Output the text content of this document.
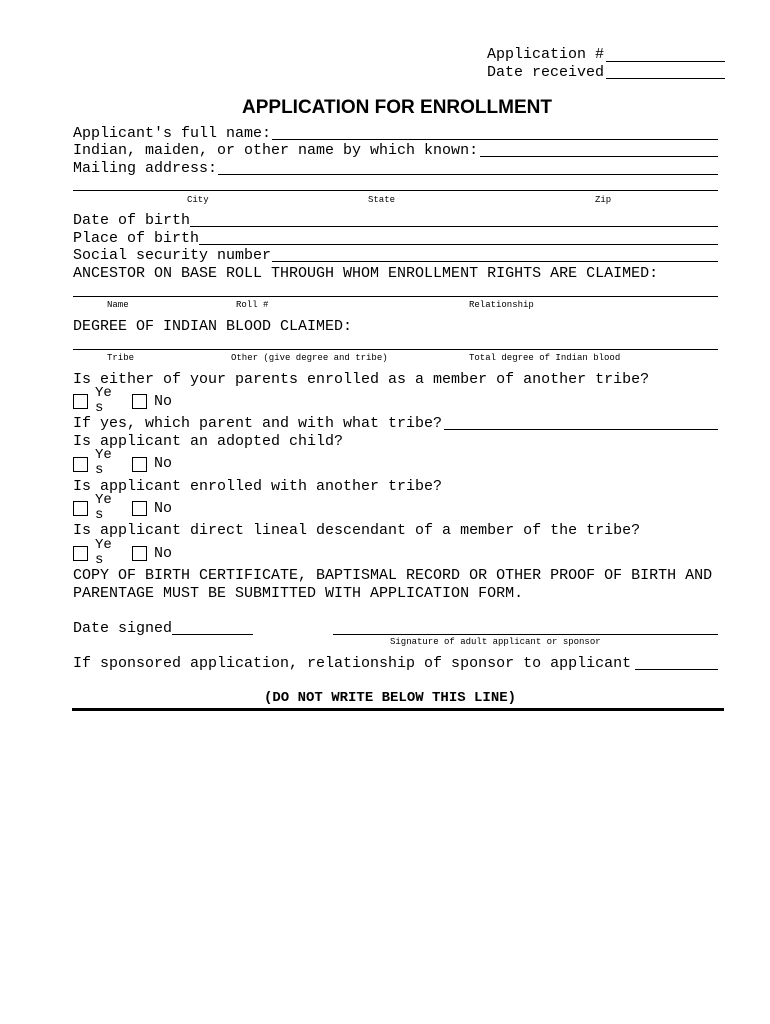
Application #
Date received
APPLICATION FOR ENROLLMENT
Applicant's full name:
Indian, maiden, or other name by which known:
Mailing address:
City	State	Zip
Date of birth
Place of birth
Social security number
ANCESTOR ON BASE ROLL THROUGH WHOM ENROLLMENT RIGHTS ARE CLAIMED:
Name	Roll #	Relationship
DEGREE OF INDIAN BLOOD CLAIMED:
Tribe	Other (give degree and tribe)	Total degree of Indian blood
Is either of your parents enrolled as a member of another tribe?
Yes	No
If yes, which parent and with what tribe?
Is applicant an adopted child?
Yes	No
Is applicant enrolled with another tribe?
Yes	No
Is applicant direct lineal descendant of a member of the tribe?
Yes	No
COPY OF BIRTH CERTIFICATE, BAPTISMAL RECORD OR OTHER PROOF OF BIRTH AND
PARENTAGE MUST BE SUBMITTED WITH APPLICATION FORM.
Date signed
Signature of adult applicant or sponsor
If sponsored application, relationship of sponsor to applicant
(DO NOT WRITE BELOW THIS LINE)
